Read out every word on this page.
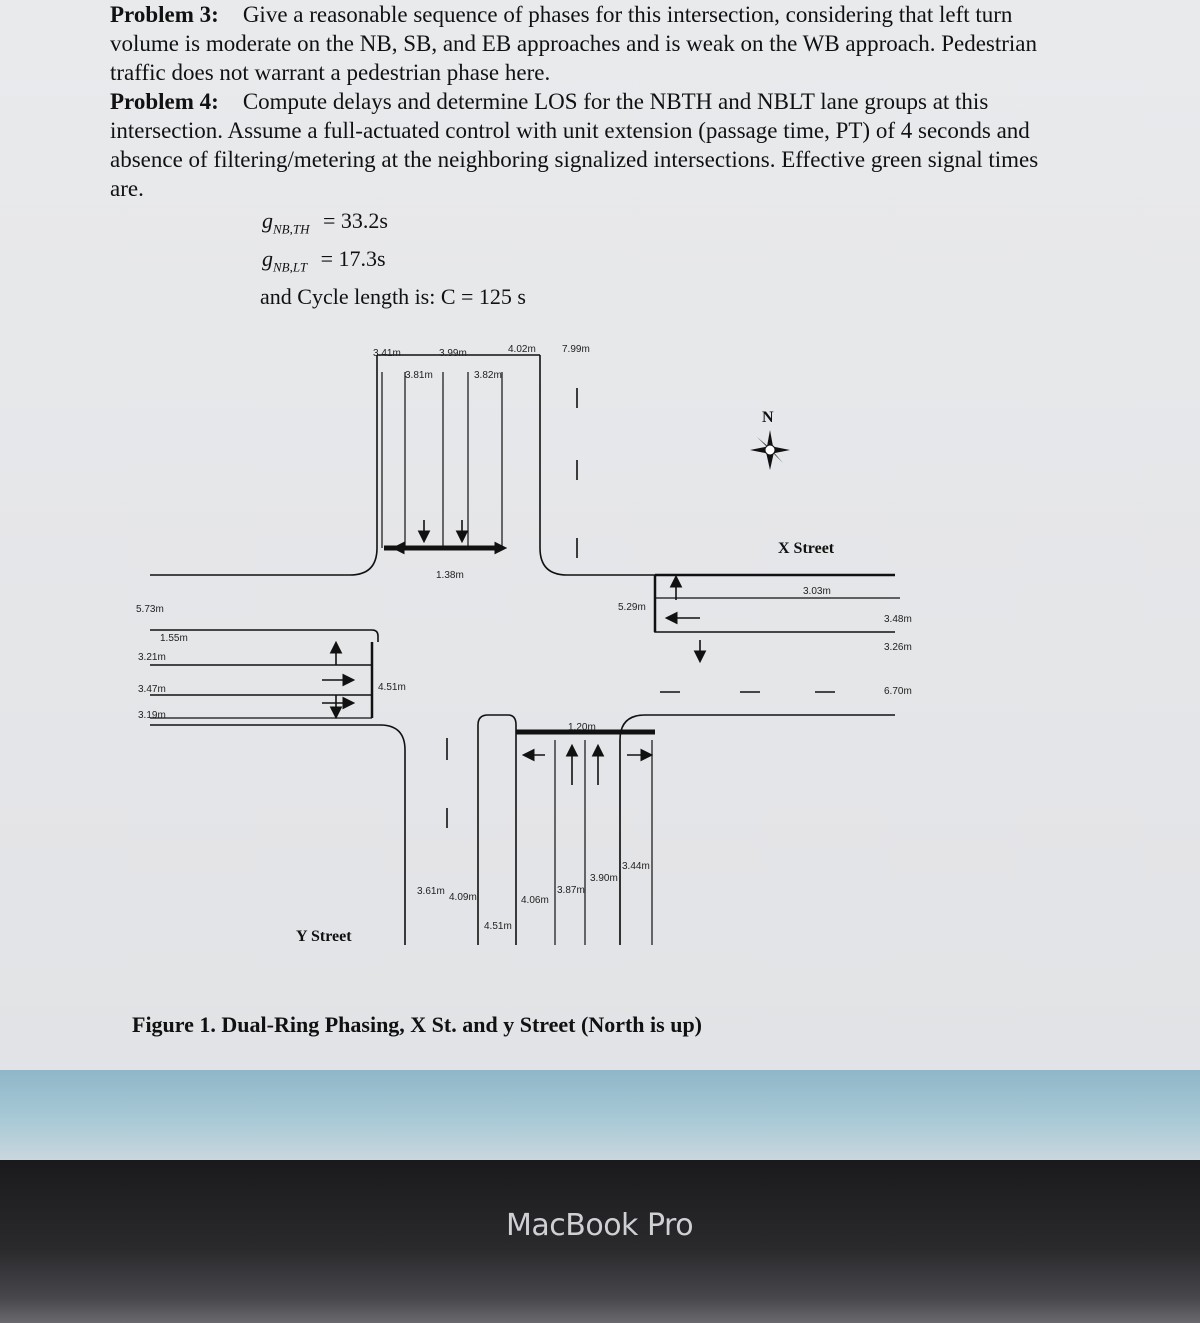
Problem 3: Give a reasonable sequence of phases for this intersection, considering that left turn volume is moderate on the NB, SB, and EB approaches and is weak on the WB approach. Pedestrian traffic does not warrant a pedestrian phase here.
Problem 4: Compute delays and determine LOS for the NBTH and NBLT lane groups at this intersection. Assume a full-actuated control with unit extension (passage time, PT) of 4 seconds and absence of filtering/metering at the neighboring signalized intersections. Effective green signal times are.
$g_{NB,TH} = 33.2s$
$g_{NB,LT} = 17.3s$
and Cycle length is: C = 125 s
N
X Street
Y Street
3.41m	3.99m	4.02m	7.99m
3.81m	3.82m
1.38m
5.29m
3.03m
3.48m
3.26m
6.70m
5.73m
1.55m
3.21m
3.47m
3.19m
4.51m
1.20m
3.44m
3.90m
3.87m
4.06m
3.61m
4.09m
4.51m
Figure 1. Dual-Ring Phasing, X St. and y Street (North is up)
MacBook Pro
